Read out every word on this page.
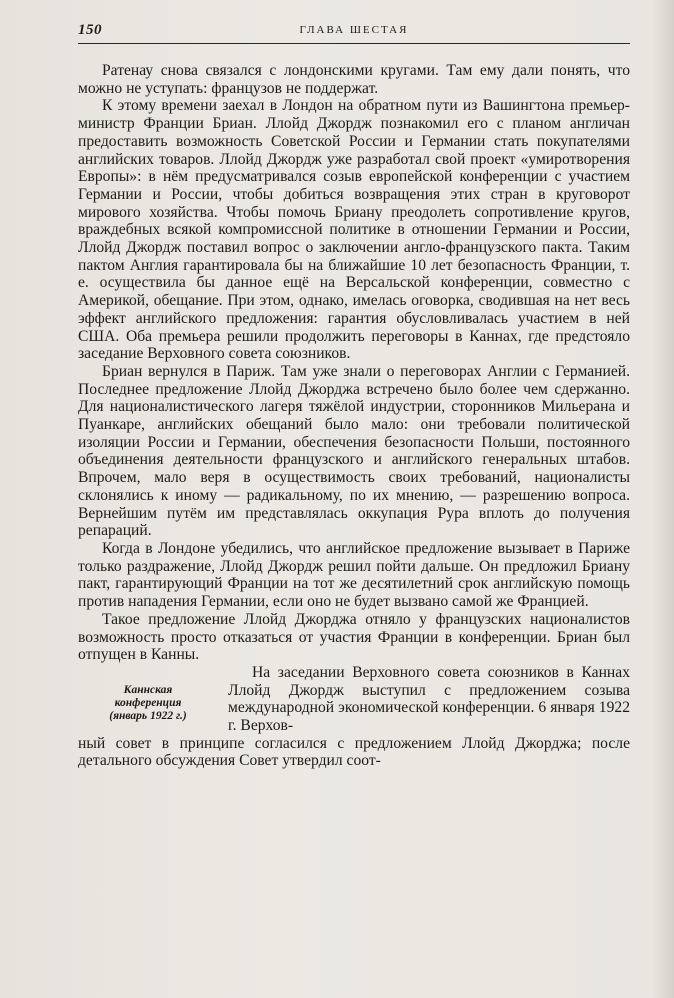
150	ГЛАВА ШЕСТАЯ

Ратенау снова связался с лондонскими кругами. Там ему дали понять, что можно не уступать: французов не поддержат.

К этому времени заехал в Лондон на обратном пути из Вашингтона премьер-министр Франции Бриан. Ллойд Джордж познакомил его с планом англичан предоставить возможность Советской России и Германии стать покупателями английских товаров. Ллойд Джордж уже разработал свой проект «умиротворения Европы»: в нём предусматривался созыв европейской конференции с участием Германии и России, чтобы добиться возвращения этих стран в круговорот мирового хозяйства. Чтобы помочь Бриану преодолеть сопротивление кругов, враждебных всякой компромиссной политике в отношении Германии и России, Ллойд Джордж поставил вопрос о заключении англо-французского пакта. Таким пактом Англия гарантировала бы на ближайшие 10 лет безопасность Франции, т. е. осуществила бы данное ещё на Версальской конференции, совместно с Америкой, обещание. При этом, однако, имелась оговорка, сводившая на нет весь эффект английского предложения: гарантия обусловливалась участием в ней США. Оба премьера решили продолжить переговоры в Каннах, где предстояло заседание Верховного совета союзников.

Бриан вернулся в Париж. Там уже знали о переговорах Англии с Германией. Последнее предложение Ллойд Джорджа встречено было более чем сдержанно. Для националистического лагеря тяжёлой индустрии, сторонников Мильерана и Пуанкаре, английских обещаний было мало: они требовали политической изоляции России и Германии, обеспечения безопасности Польши, постоянного объединения деятельности французского и английского генеральных штабов. Впрочем, мало веря в осуществимость своих требований, националисты склонялись к иному — радикальному, по их мнению, — разрешению вопроса. Вернейшим путём им представлялась оккупация Рура вплоть до получения репараций.

Когда в Лондоне убедились, что английское предложение вызывает в Париже только раздражение, Ллойд Джордж решил пойти дальше. Он предложил Бриану пакт, гарантирующий Франции на тот же десятилетний срок английскую помощь против нападения Германии, если оно не будет вызвано самой же Францией.

Такое предложение Ллойд Джорджа отняло у французских националистов возможность просто отказаться от участия Франции в конференции. Бриан был отпущен в Канны.

Каннская
конференция
(январь 1922 г.)

На заседании Верховного совета союзников в Каннах Ллойд Джордж выступил с предложением созыва международной экономической конференции. 6 января 1922 г. Верхов-

ный совет в принципе согласился с предложением Ллойд Джорджа; после детального обсуждения Совет утвердил соот-
